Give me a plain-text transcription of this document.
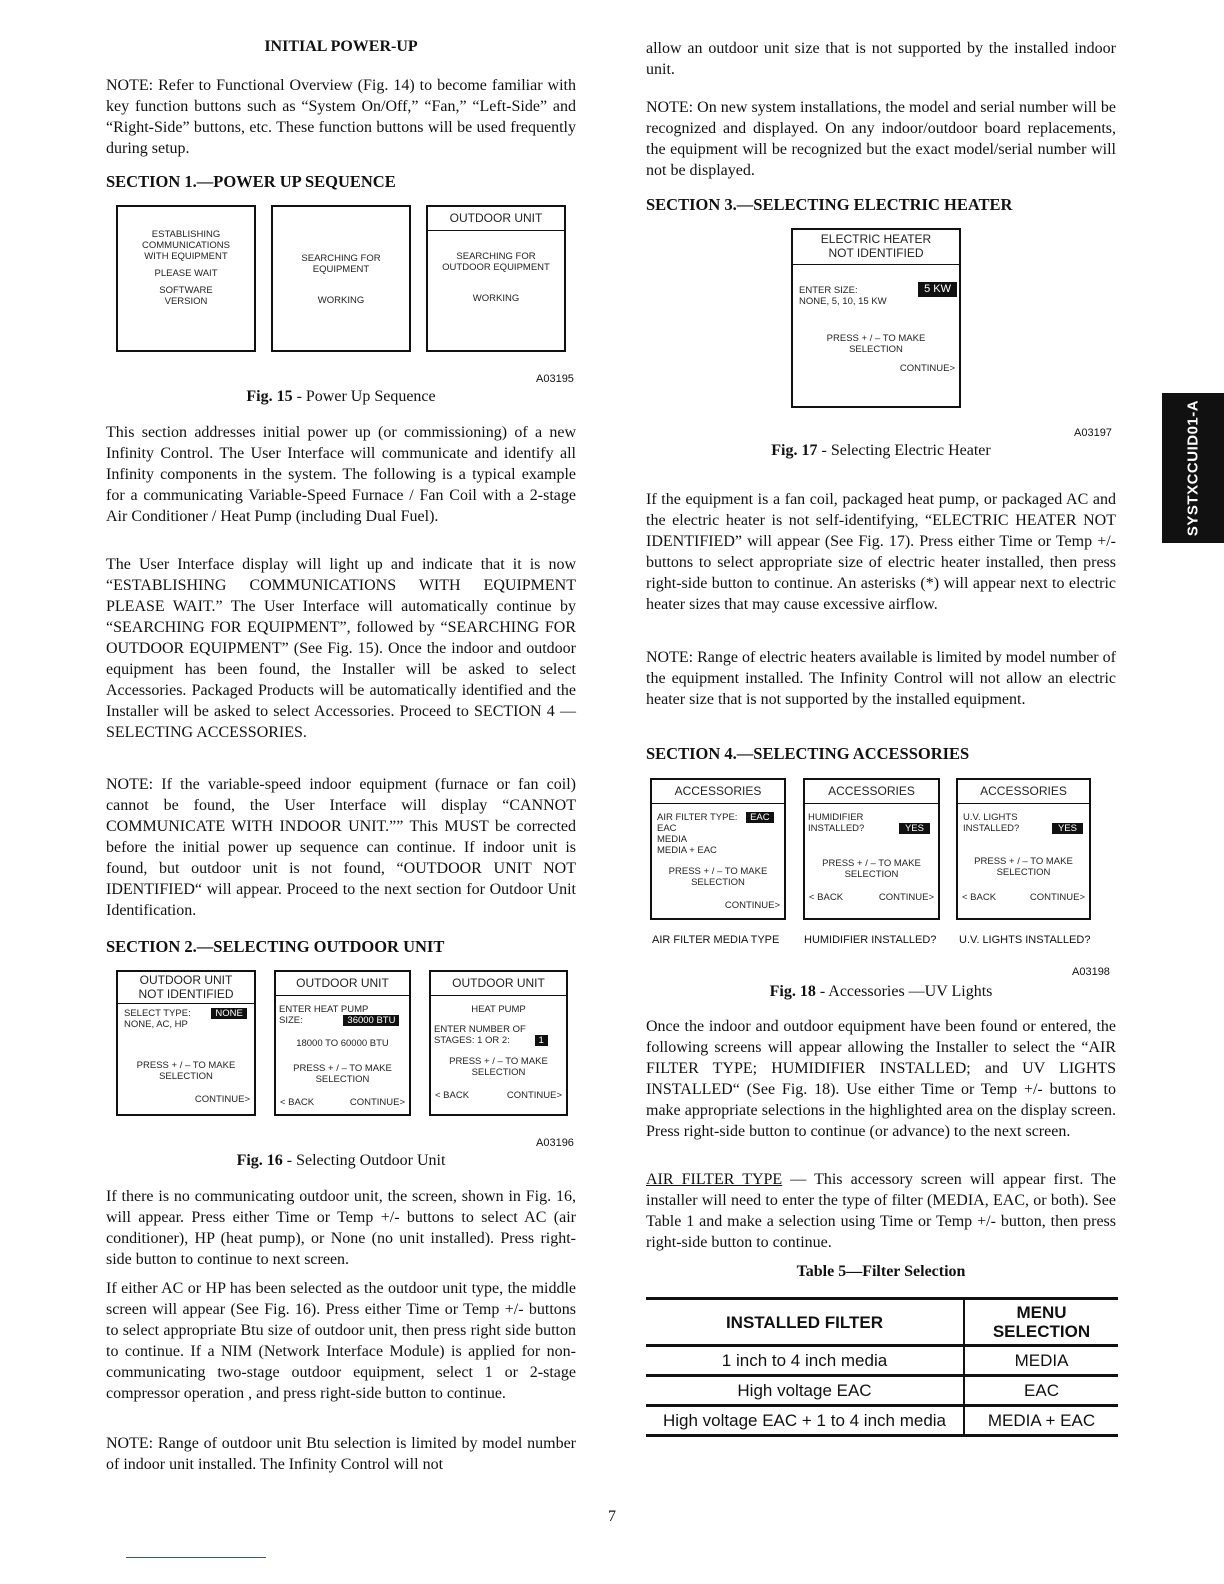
INITIAL POWER-UP

NOTE: Refer to Functional Overview (Fig. 14) to become familiar with key function buttons such as “System On/Off,” “Fan,” “Left-Side” and “Right-Side” buttons, etc. These function buttons will be used frequently during setup.

SECTION 1.—POWER UP SEQUENCE
ESTABLISHING
COMMUNICATIONS
WITH EQUIPMENT
PLEASE WAIT
SOFTWARE
VERSION
SEARCHING FOR
EQUIPMENT
WORKING
OUTDOOR UNIT
SEARCHING FOR
OUTDOOR EQUIPMENT
WORKING
A03195
Fig. 15 - Power Up Sequence

This section addresses initial power up (or commissioning) of a new Infinity Control. The User Interface will communicate and identify all Infinity components in the system. The following is a typical example for a communicating Variable-Speed Furnace / Fan Coil with a 2-stage Air Conditioner / Heat Pump (including Dual Fuel).

The User Interface display will light up and indicate that it is now “ESTABLISHING COMMUNICATIONS WITH EQUIPMENT PLEASE WAIT.” The User Interface will automatically continue by “SEARCHING FOR EQUIPMENT”, followed by “SEARCHING FOR OUTDOOR EQUIPMENT” (See Fig. 15). Once the indoor and outdoor equipment has been found, the Installer will be asked to select Accessories. Packaged Products will be automatically identified and the Installer will be asked to select Accessories. Proceed to SECTION 4 — SELECTING ACCESSORIES.

NOTE: If the variable-speed indoor equipment (furnace or fan coil) cannot be found, the User Interface will display “CANNOT COMMUNICATE WITH INDOOR UNIT.”” This MUST be corrected before the initial power up sequence can continue. If indoor unit is found, but outdoor unit is not found, “OUTDOOR UNIT NOT IDENTIFIED“ will appear. Proceed to the next section for Outdoor Unit Identification.

SECTION 2.—SELECTING OUTDOOR UNIT
OUTDOOR UNIT
NOT IDENTIFIED
SELECT TYPE:	NONE
NONE, AC, HP
PRESS + / – TO MAKE
SELECTION
CONTINUE>
OUTDOOR UNIT
ENTER HEAT PUMP
SIZE:	36000 BTU
18000 TO 60000 BTU
PRESS + / – TO MAKE
SELECTION
< BACK	CONTINUE>
OUTDOOR UNIT
HEAT PUMP
ENTER NUMBER OF
STAGES: 1 OR 2:	1
PRESS + / – TO MAKE
SELECTION
< BACK	CONTINUE>
A03196
Fig. 16 - Selecting Outdoor Unit

If there is no communicating outdoor unit, the screen, shown in Fig. 16, will appear. Press either Time or Temp +/- buttons to select AC (air conditioner), HP (heat pump), or None (no unit installed). Press right-side button to continue to next screen.

If either AC or HP has been selected as the outdoor unit type, the middle screen will appear (See Fig. 16). Press either Time or Temp +/- buttons to select appropriate Btu size of outdoor unit, then press right side button to continue. If a NIM (Network Interface Module) is applied for non-communicating two-stage outdoor equipment, select 1 or 2-stage compressor operation , and press right-side button to continue.

NOTE: Range of outdoor unit Btu selection is limited by model number of indoor unit installed. The Infinity Control will not

allow an outdoor unit size that is not supported by the installed indoor unit.

NOTE: On new system installations, the model and serial number will be recognized and displayed. On any indoor/outdoor board replacements, the equipment will be recognized but the exact model/serial number will not be displayed.

SECTION 3.—SELECTING ELECTRIC HEATER
ELECTRIC HEATER
NOT IDENTIFIED
ENTER SIZE:
NONE, 5, 10, 15 KW
5 KW
PRESS + / – TO MAKE
SELECTION
CONTINUE>
A03197
Fig. 17 - Selecting Electric Heater

If the equipment is a fan coil, packaged heat pump, or packaged AC and the electric heater is not self-identifying, “ELECTRIC HEATER NOT IDENTIFIED” will appear (See Fig. 17). Press either Time or Temp +/- buttons to select appropriate size of electric heater installed, then press right-side button to continue. An asterisks (*) will appear next to electric heater sizes that may cause excessive airflow.

NOTE: Range of electric heaters available is limited by model number of the equipment installed. The Infinity Control will not allow an electric heater size that is not supported by the installed equipment.

SECTION 4.—SELECTING ACCESSORIES
ACCESSORIES
AIR FILTER TYPE: EAC
EAC
MEDIA
MEDIA + EAC
PRESS + / – TO MAKE
SELECTION
CONTINUE>
ACCESSORIES
HUMIDIFIER
INSTALLED?	YES
PRESS + / – TO MAKE
SELECTION
< BACK	CONTINUE>
ACCESSORIES
U.V. LIGHTS
INSTALLED?	YES
PRESS + / – TO MAKE
SELECTION
< BACK	CONTINUE>
AIR FILTER MEDIA TYPE HUMIDIFIER INSTALLED? U.V. LIGHTS INSTALLED?
A03198
Fig. 18 - Accessories —UV Lights

Once the indoor and outdoor equipment have been found or entered, the following screens will appear allowing the Installer to select the “AIR FILTER TYPE; HUMIDIFIER INSTALLED; and UV LIGHTS INSTALLED“ (See Fig. 18). Use either Time or Temp +/- buttons to make appropriate selections in the highlighted area on the display screen. Press right-side button to continue (or advance) to the next screen.

AIR FILTER TYPE — This accessory screen will appear first. The installer will need to enter the type of filter (MEDIA, EAC, or both). See Table 1 and make a selection using Time or Temp +/- button, then press right-side button to continue.

Table 5—Filter Selection
INSTALLED FILTER	MENU SELECTION
1 inch to 4 inch media	MEDIA
High voltage EAC	EAC
High voltage EAC + 1 to 4 inch media	MEDIA + EAC
SYSTXCCUID01-A
7
